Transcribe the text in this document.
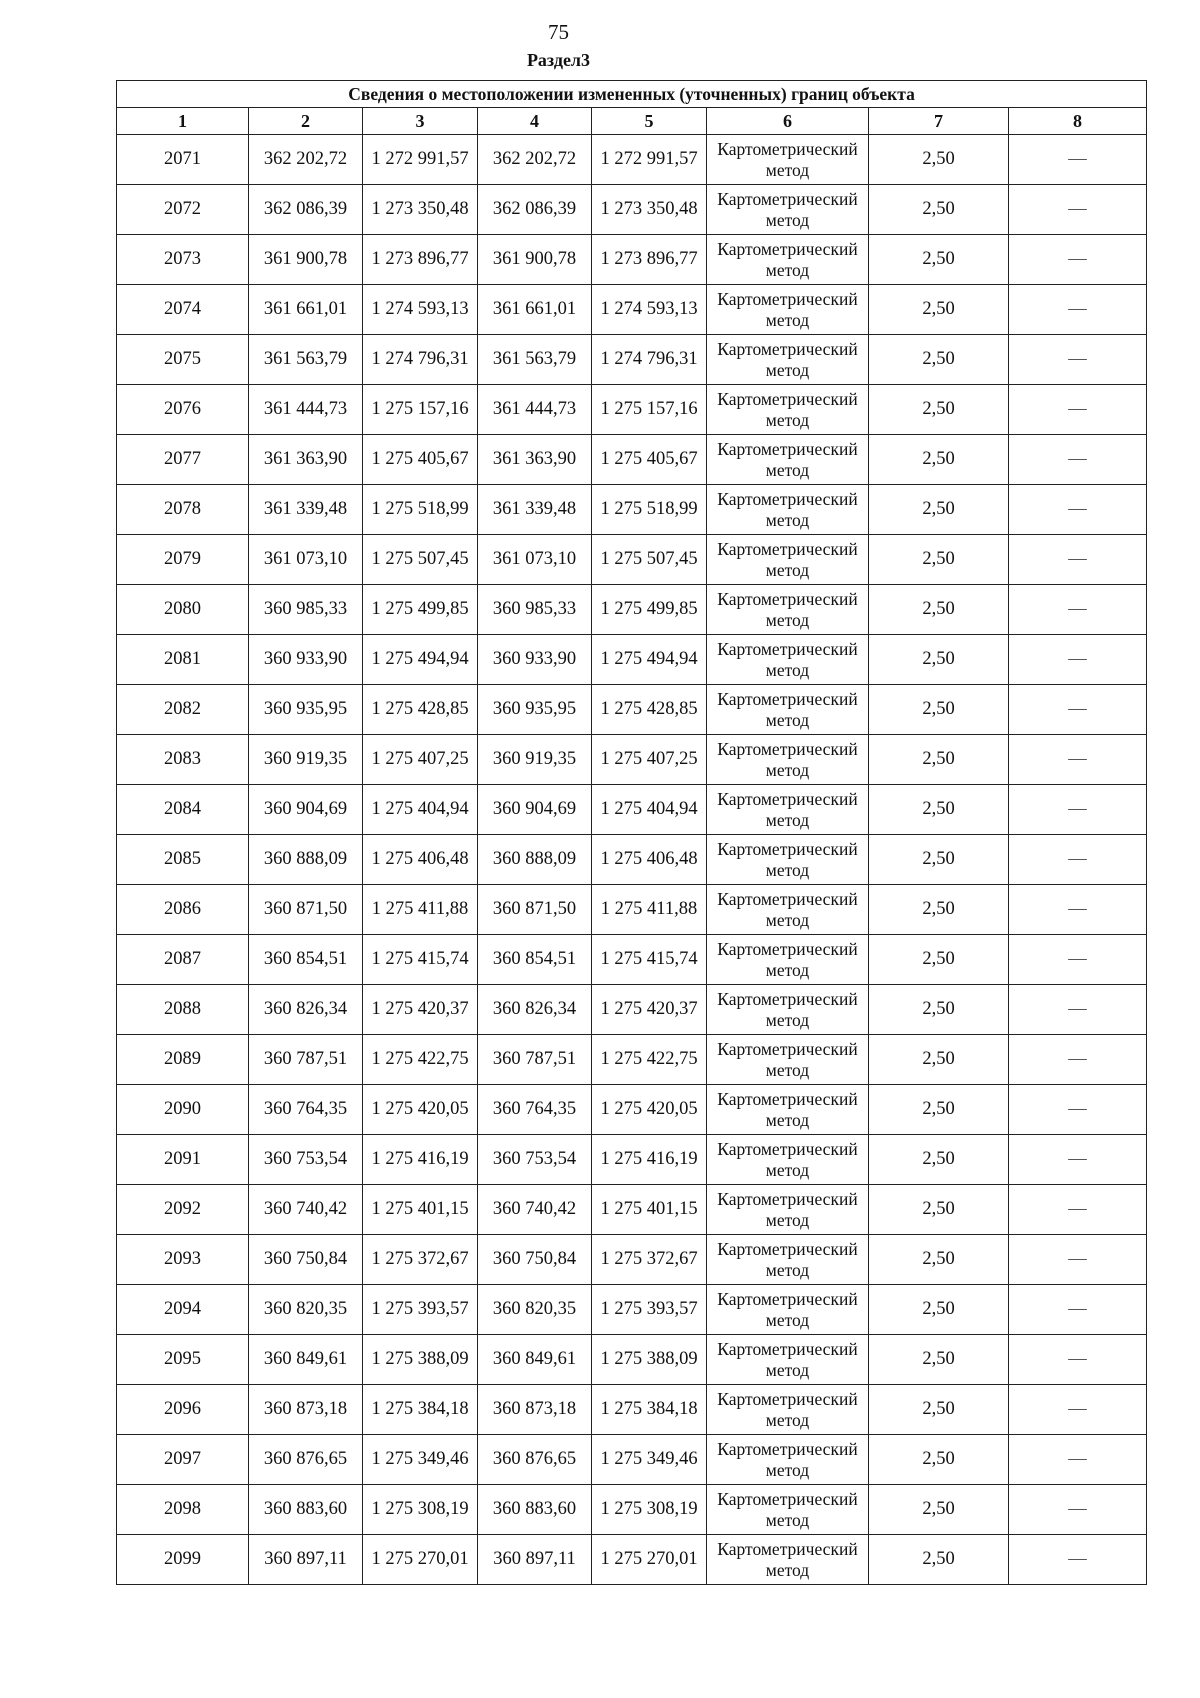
75
Раздел3
Сведения о местоположении измененных (уточненных) границ объекта							
1	2	3	4	5	6	7	8
2071	362 202,72	1 272 991,57	362 202,72	1 272 991,57	Картометрический метод	2,50	—
2072	362 086,39	1 273 350,48	362 086,39	1 273 350,48	Картометрический метод	2,50	—
2073	361 900,78	1 273 896,77	361 900,78	1 273 896,77	Картометрический метод	2,50	—
2074	361 661,01	1 274 593,13	361 661,01	1 274 593,13	Картометрический метод	2,50	—
2075	361 563,79	1 274 796,31	361 563,79	1 274 796,31	Картометрический метод	2,50	—
2076	361 444,73	1 275 157,16	361 444,73	1 275 157,16	Картометрический метод	2,50	—
2077	361 363,90	1 275 405,67	361 363,90	1 275 405,67	Картометрический метод	2,50	—
2078	361 339,48	1 275 518,99	361 339,48	1 275 518,99	Картометрический метод	2,50	—
2079	361 073,10	1 275 507,45	361 073,10	1 275 507,45	Картометрический метод	2,50	—
2080	360 985,33	1 275 499,85	360 985,33	1 275 499,85	Картометрический метод	2,50	—
2081	360 933,90	1 275 494,94	360 933,90	1 275 494,94	Картометрический метод	2,50	—
2082	360 935,95	1 275 428,85	360 935,95	1 275 428,85	Картометрический метод	2,50	—
2083	360 919,35	1 275 407,25	360 919,35	1 275 407,25	Картометрический метод	2,50	—
2084	360 904,69	1 275 404,94	360 904,69	1 275 404,94	Картометрический метод	2,50	—
2085	360 888,09	1 275 406,48	360 888,09	1 275 406,48	Картометрический метод	2,50	—
2086	360 871,50	1 275 411,88	360 871,50	1 275 411,88	Картометрический метод	2,50	—
2087	360 854,51	1 275 415,74	360 854,51	1 275 415,74	Картометрический метод	2,50	—
2088	360 826,34	1 275 420,37	360 826,34	1 275 420,37	Картометрический метод	2,50	—
2089	360 787,51	1 275 422,75	360 787,51	1 275 422,75	Картометрический метод	2,50	—
2090	360 764,35	1 275 420,05	360 764,35	1 275 420,05	Картометрический метод	2,50	—
2091	360 753,54	1 275 416,19	360 753,54	1 275 416,19	Картометрический метод	2,50	—
2092	360 740,42	1 275 401,15	360 740,42	1 275 401,15	Картометрический метод	2,50	—
2093	360 750,84	1 275 372,67	360 750,84	1 275 372,67	Картометрический метод	2,50	—
2094	360 820,35	1 275 393,57	360 820,35	1 275 393,57	Картометрический метод	2,50	—
2095	360 849,61	1 275 388,09	360 849,61	1 275 388,09	Картометрический метод	2,50	—
2096	360 873,18	1 275 384,18	360 873,18	1 275 384,18	Картометрический метод	2,50	—
2097	360 876,65	1 275 349,46	360 876,65	1 275 349,46	Картометрический метод	2,50	—
2098	360 883,60	1 275 308,19	360 883,60	1 275 308,19	Картометрический метод	2,50	—
2099	360 897,11	1 275 270,01	360 897,11	1 275 270,01	Картометрический метод	2,50	—
